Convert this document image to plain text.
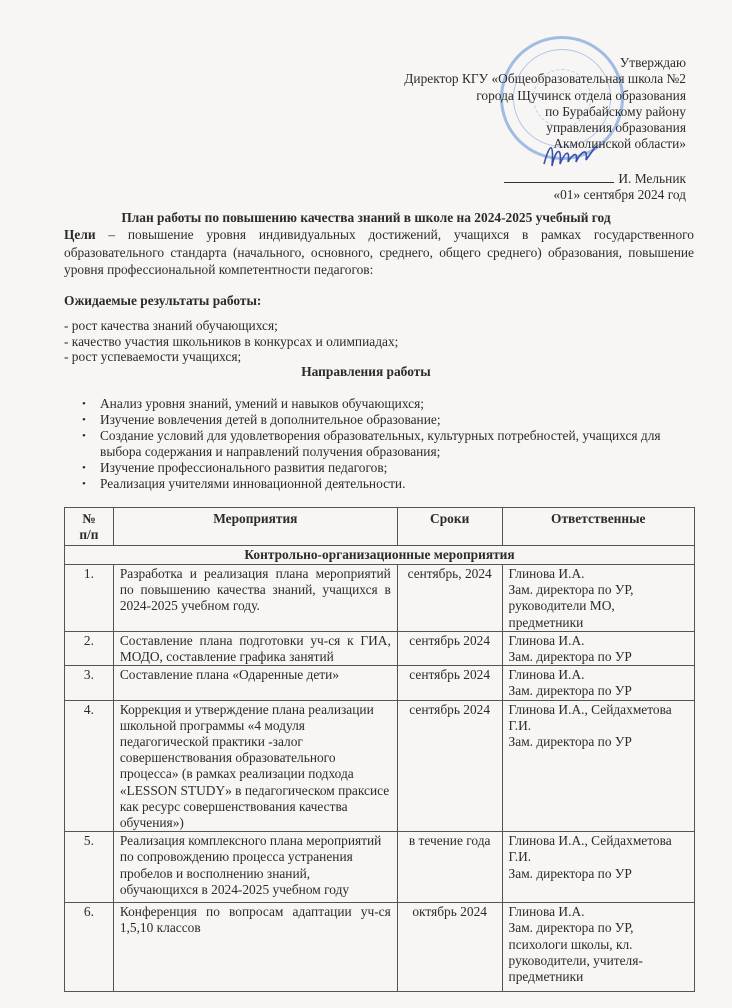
Утверждаю
Директор КГУ «Общеобразовательная школа №2
города Щучинск отдела образования
по Бурабайскому району
управления образования
Акмолинской области»
И. Мельник
«01» сентября 2024 год
План работы по повышению качества знаний в школе на 2024-2025 учебный год
Цели – повышение уровня индивидуальных достижений, учащихся в рамках государственного образовательного стандарта (начального, основного, среднего, общего среднего) образования, повышение уровня профессиональной компетентности педагогов:
Ожидаемые результаты работы:
- рост качества знаний обучающихся;
- качество участия школьников в конкурсах и олимпиадах;
- рост успеваемости учащихся;
Направления работы
• Анализ уровня знаний, умений и навыков обучающихся;
• Изучение вовлечения детей в дополнительное образование;
• Создание условий для удовлетворения образовательных, культурных потребностей, учащихся для выбора содержания и направлений получения образования;
• Изучение профессионального развития педагогов;
• Реализация учителями инновационной деятельности.
№
п/п	Мероприятия	Сроки	Ответственные
Контрольно-организационные мероприятия			
1.	Разработка и реализация плана мероприятий по повышению качества знаний, учащихся в 2024-2025 учебном году.	сентябрь, 2024	Глинова И.А.
Зам. директора по УР, руководители МО, предметники

2.	Составление плана подготовки уч-ся к ГИА, МОДО, составление графика занятий	сентябрь 2024	Глинова И.А.
Зам. директора по УР

3.	Составление плана «Одаренные дети»	сентябрь 2024	Глинова И.А.
Зам. директора по УР

4.	Коррекция и утверждение плана реализации школьной программы «4 модуля педагогической практики -залог совершенствования образовательного процесса» (в рамках реализации подхода «LESSON STUDY» в педагогическом праксисе как ресурс совершенствования качества обучения»)	сентябрь 2024	Глинова И.А., Сейдахметова Г.И.
Зам. директора по УР

5.	Реализация комплексного плана мероприятий по сопровождению процесса устранения пробелов и восполнению знаний, обучающихся в 2024-2025 учебном году	в течение года	Глинова И.А., Сейдахметова Г.И.
Зам. директора по УР

6.	Конференция по вопросам адаптации уч-ся 1,5,10 классов	октябрь 2024	Глинова И.А.
Зам. директора по УР, психологи школы, кл. руководители, учителя-предметники
